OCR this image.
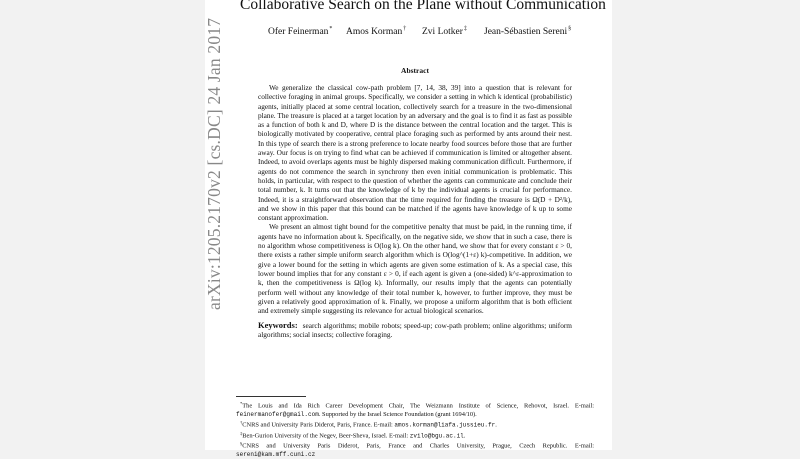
arXiv:1205.2170v2 [cs.DC] 24 Jan 2017
Collaborative Search on the Plane without Communication
Ofer Feinerman* Amos Korman† Zvi Lotker‡ Jean-Sébastien Sereni§
Abstract

We generalize the classical cow-path problem [7, 14, 38, 39] into a question that is relevant for collective foraging in animal groups. Specifically, we consider a setting in which k identical (probabilistic) agents, initially placed at some central location, collectively search for a treasure in the two-dimensional plane. The treasure is placed at a target location by an adversary and the goal is to find it as fast as possible as a function of both k and D, where D is the distance between the central location and the target. This is biologically motivated by cooperative, central place foraging such as performed by ants around their nest. In this type of search there is a strong preference to locate nearby food sources before those that are further away. Our focus is on trying to find what can be achieved if communication is limited or altogether absent. Indeed, to avoid overlaps agents must be highly dispersed making communication difficult. Furthermore, if agents do not commence the search in synchrony then even initial communication is problematic. This holds, in particular, with respect to the question of whether the agents can communicate and conclude their total number, k. It turns out that the knowledge of k by the individual agents is crucial for performance. Indeed, it is a straightforward observation that the time required for finding the treasure is Ω(D + D²/k), and we show in this paper that this bound can be matched if the agents have knowledge of k up to some constant approximation.

We present an almost tight bound for the competitive penalty that must be paid, in the running time, if agents have no information about k. Specifically, on the negative side, we show that in such a case, there is no algorithm whose competitiveness is O(log k). On the other hand, we show that for every constant ε > 0, there exists a rather simple uniform search algorithm which is O(log^(1+ε) k)-competitive. In addition, we give a lower bound for the setting in which agents are given some estimation of k. As a special case, this lower bound implies that for any constant ε > 0, if each agent is given a (one-sided) k^ε-approximation to k, then the competitiveness is Ω(log k). Informally, our results imply that the agents can potentially perform well without any knowledge of their total number k, however, to further improve, they must be given a relatively good approximation of k. Finally, we propose a uniform algorithm that is both efficient and extremely simple suggesting its relevance for actual biological scenarios.

Keywords: search algorithms; mobile robots; speed-up; cow-path problem; online algorithms; uniform algorithms; social insects; collective foraging.

*The Louis and Ida Rich Career Development Chair, The Weizmann Institute of Science, Rehovot, Israel. E-mail: feinermanofer@gmail.com. Supported by the Israel Science Foundation (grant 1694/10).

†CNRS and University Paris Diderot, Paris, France. E-mail: amos.korman@liafa.jussieu.fr.

‡Ben-Gurion University of the Negev, Beer-Sheva, Israel. E-mail: zvilo@bgu.ac.il.

§CNRS and University Paris Diderot, Paris, France and Charles University, Prague, Czech Republic. E-mail: sereni@kam.mff.cuni.cz
